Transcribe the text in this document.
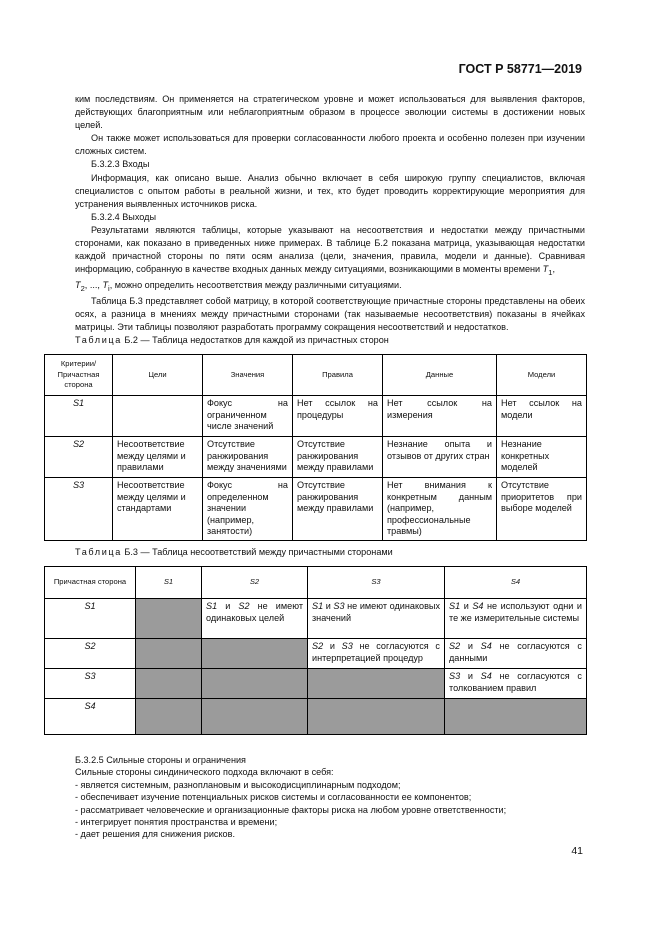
ГОСТ Р 58771—2019

ким последствиям. Он применяется на стратегическом уровне и может использоваться для выявления факторов, действующих благоприятным или неблагоприятным образом в процессе эволюции системы в достижении новых целей.

Он также может использоваться для проверки согласованности любого проекта и особенно полезен при изучении сложных систем.

Б.3.2.3 Входы

Информация, как описано выше. Анализ обычно включает в себя широкую группу специалистов, включая специалистов с опытом работы в реальной жизни, и тех, кто будет проводить корректирующие мероприятия для устранения выявленных источников риска.

Б.3.2.4 Выходы

Результатами являются таблицы, которые указывают на несоответствия и недостатки между причастными сторонами, как показано в приведенных ниже примерах. В таблице Б.2 показана матрица, указывающая недостатки каждой причастной стороны по пяти осям анализа (цели, значения, правила, модели и данные). Сравнивая информацию, собранную в качестве входных данных между ситуациями, возникающими в моменты времени $T_1$,
$T_2$, ..., $T_i$, можно определить несоответствия между различными ситуациями.

Таблица Б.3 представляет собой матрицу, в которой соответствующие причастные стороны представлены на обеих осях, а разница в мнениях между причастными сторонами (так называемые несоответствия) показаны в ячейках матрицы. Эти таблицы позволяют разработать программу сокращения несоответствий и недостатков.

Таблица Б.2 — Таблица недостатков для каждой из причастных сторон
Критерии/ Причастная сторона	Цели	Значения	Правила	Данные	Модели
S1		Фокус на ограниченном числе значений	Нет ссылок на процедуры	Нет ссылок на измерения	Нет ссылок на модели
S2	Несоответствие между целями и правилами	Отсутствие ранжирования между значениями	Отсутствие ранжирования между правилами	Незнание опыта и отзывов от других стран	Незнание конкретных моделей
S3	Несоответствие между целями и стандартами	Фокус на определенном значении (например, занятости)	Отсутствие ранжирования между правилами	Нет внимания к конкретным данным (например, профессиональные травмы)	Отсутствие приоритетов при выборе моделей
Таблица Б.3 — Таблица несоответствий между причастными сторонами
Причастная сторона	S1	S2	S3	S4
S1		S1 и S2 не имеют одинаковых целей	S1 и S3 не имеют одинаковых значений	S1 и S4 не используют одни и те же измерительные системы
S2			S2 и S3 не согласуются с интерпретацией процедур	S2 и S4 не согласуются с данными
S3				S3 и S4 не согласуются с толкованием правил
S4				

Б.3.2.5 Сильные стороны и ограничения

Сильные стороны синдинического подхода включают в себя:

- является системным, разноплановым и высокодисциплинарным подходом;

- обеспечивает изучение потенциальных рисков системы и согласованности ее компонентов;

- рассматривает человеческие и организационные факторы риска на любом уровне ответственности;

- интегрирует понятия пространства и времени;

- дает решения для снижения рисков.

41
